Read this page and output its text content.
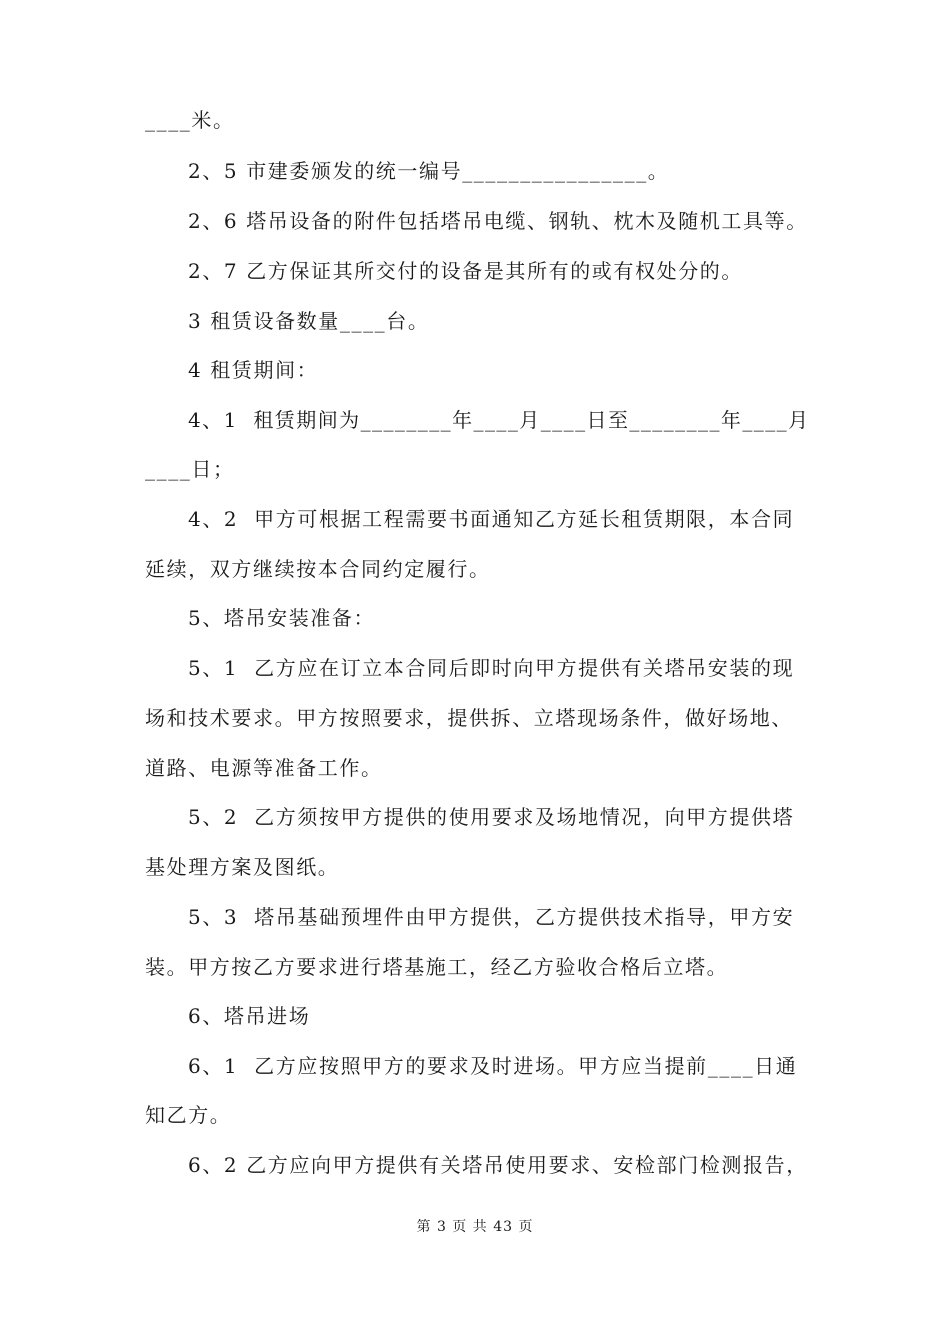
____米。
2、5 市建委颁发的统一编号________________。
2、6 塔吊设备的附件包括塔吊电缆、钢轨、枕木及随机工具等。
2、7 乙方保证其所交付的设备是其所有的或有权处分的。
3 租赁设备数量____台。
4 租赁期间：
4、1  租赁期间为________年____月____日至________年____月
____日；
4、2  甲方可根据工程需要书面通知乙方延长租赁期限，本合同
延续，双方继续按本合同约定履行。
5、塔吊安装准备：
5、1  乙方应在订立本合同后即时向甲方提供有关塔吊安装的现
场和技术要求。甲方按照要求，提供拆、立塔现场条件，做好场地、
道路、电源等准备工作。
5、2  乙方须按甲方提供的使用要求及场地情况，向甲方提供塔
基处理方案及图纸。
5、3  塔吊基础预埋件由甲方提供，乙方提供技术指导，甲方安
装。甲方按乙方要求进行塔基施工，经乙方验收合格后立塔。
6、塔吊进场
6、1  乙方应按照甲方的要求及时进场。甲方应当提前____日通
知乙方。
6、2 乙方应向甲方提供有关塔吊使用要求、安检部门检测报告，
第 3 页 共 43 页
